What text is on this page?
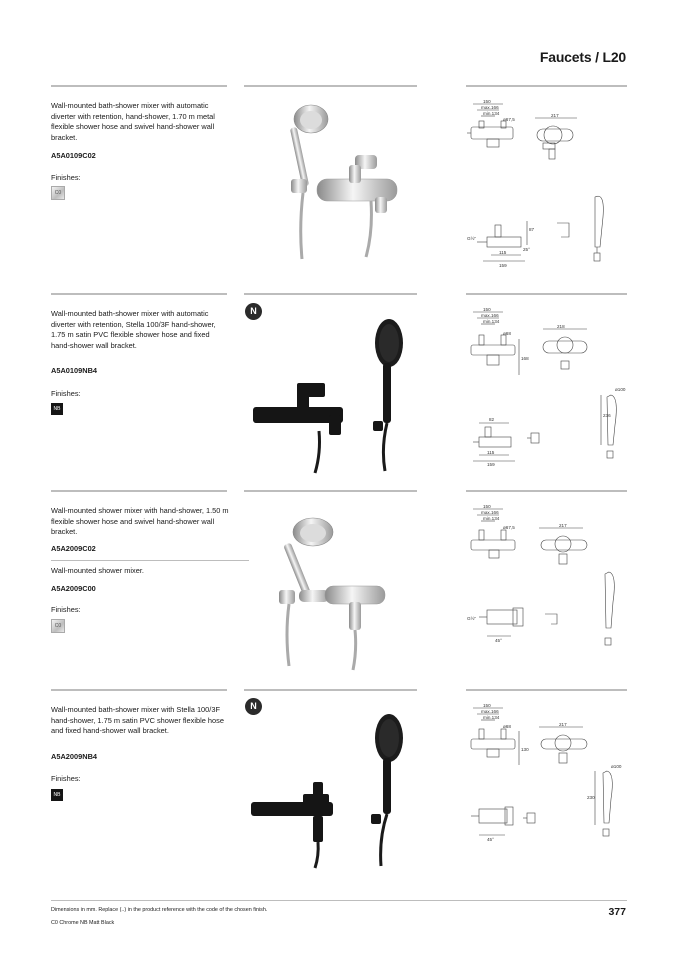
Faucets / L20
Wall-mounted bath-shower mixer with automatic diverter with retention, hand-shower, 1.70 m metal flexible shower hose and swivel hand-shower wall bracket.
A5A0109C02
Finishes:
C0
150
max.166
min.134
ø67,5
217
87
115
159
G½"
25°
Wall-mounted bath-shower mixer with automatic diverter with retention, Stella 100/3F hand-shower, 1.75 m satin PVC flexible shower hose and fixed hand-shower wall bracket.
A5A0109NB4
Finishes:
NB
N	150
max.166
min.134
ø68
218
168
82
115
159
236
ø100
Wall-mounted shower mixer with hand-shower, 1.50 m flexible shower hose and swivel hand-shower wall bracket.
A5A2009C02
Wall-mounted shower mixer.
A5A2009C00
Finishes:
C0
150
max.166
min.134
ø67,5	217
G½"
45°
Wall-mounted bath-shower mixer with Stella 100/3F hand-shower, 1.75 m satin PVC shower flexible hose and fixed hand-shower wall bracket.
A5A2009NB4
Finishes:
NB
N	150
max.166
min.134
ø68	217
130
230
ø100
45°
Dimensions in mm. Replace (..) in the product reference with the code of the chosen finish.
C0 Chrome NB Matt Black
377
